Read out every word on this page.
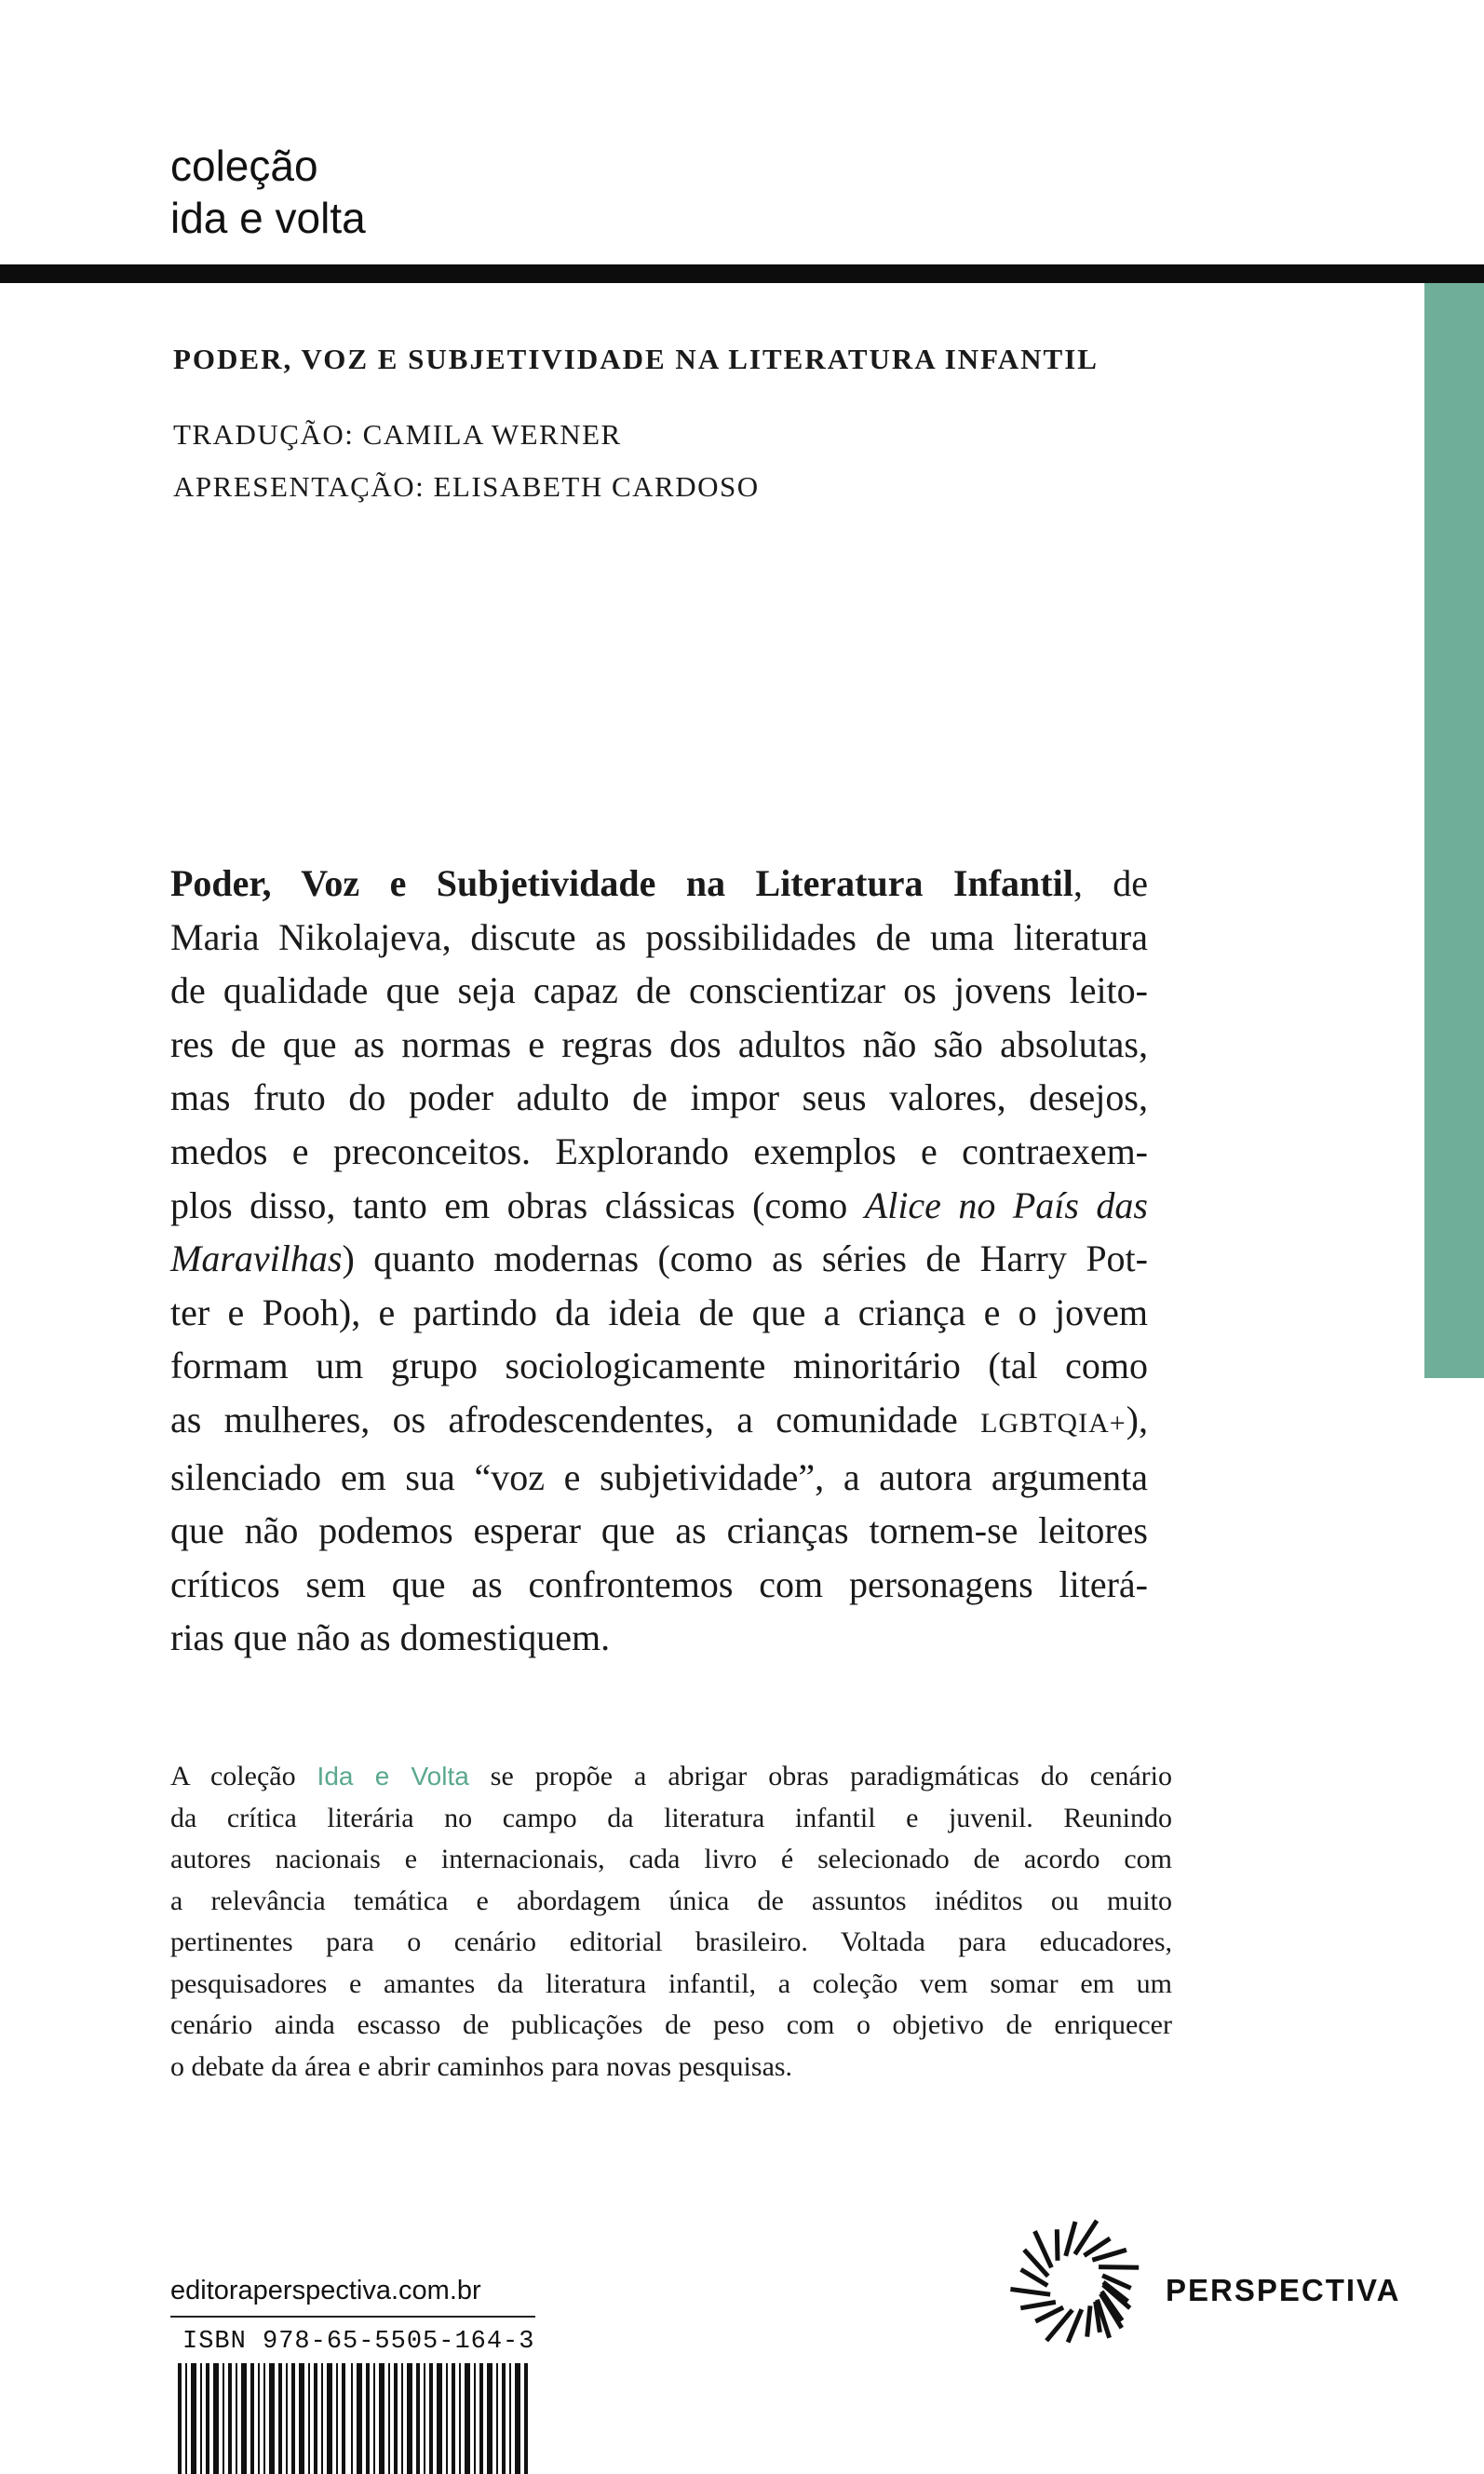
coleção
ida e volta
PODER, VOZ E SUBJETIVIDADE NA LITERATURA INFANTIL
TRADUÇÃO: CAMILA WERNER
APRESENTAÇÃO: ELISABETH CARDOSO
Poder, Voz e Subjetividade na Literatura Infantil, de
Maria Nikolajeva, discute as possibilidades de uma literatura
de qualidade que seja capaz de conscientizar os jovens leito-
res de que as normas e regras dos adultos não são absolutas,
mas fruto do poder adulto de impor seus valores, desejos,
medos e preconceitos. Explorando exemplos e contraexem-
plos disso, tanto em obras clássicas (como Alice no País das
Maravilhas) quanto modernas (como as séries de Harry Pot-
ter e Pooh), e partindo da ideia de que a criança e o jovem
formam um grupo sociologicamente minoritário (tal como
as mulheres, os afrodescendentes, a comunidade LGBTQIA+),
silenciado em sua “voz e subjetividade”, a autora argumenta
que não podemos esperar que as crianças tornem-se leitores
críticos sem que as confrontemos com personagens literá-
rias que não as domestiquem.
A coleção Ida e Volta se propõe a abrigar obras paradigmáticas do cenário
da crítica literária no campo da literatura infantil e juvenil. Reunindo
autores nacionais e internacionais, cada livro é selecionado de acordo com
a relevância temática e abordagem única de assuntos inéditos ou muito
pertinentes para o cenário editorial brasileiro. Voltada para educadores,
pesquisadores e amantes da literatura infantil, a coleção vem somar em um
cenário ainda escasso de publicações de peso com o objetivo de enriquecer
o debate da área e abrir caminhos para novas pesquisas.
editoraperspectiva.com.br
ISBN 978-65-5505-164-3
PERSPECTIVA
